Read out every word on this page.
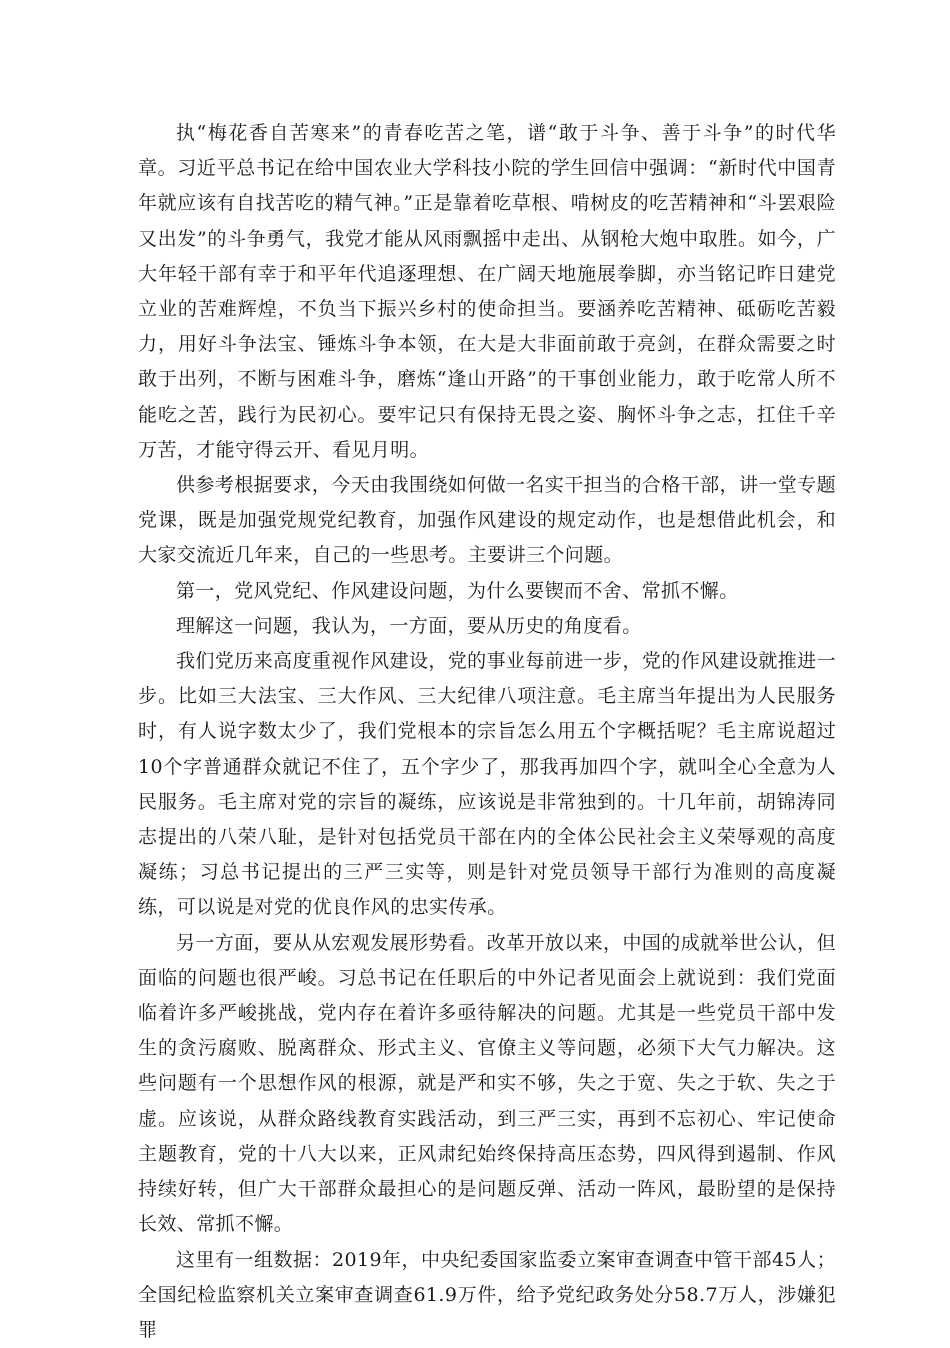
执“梅花香自苦寒来”的青春吃苦之笔，谱“敢于斗争、善于斗争”的时代华章。习近平总书记在给中国农业大学科技小院的学生回信中强调：“新时代中国青年就应该有自找苦吃的精气神。”正是靠着吃草根、啃树皮的吃苦精神和“斗罢艰险又出发”的斗争勇气，我党才能从风雨飘摇中走出、从钢枪大炮中取胜。如今，广大年轻干部有幸于和平年代追逐理想、在广阔天地施展拳脚，亦当铭记昨日建党立业的苦难辉煌，不负当下振兴乡村的使命担当。要涵养吃苦精神、砥砺吃苦毅力，用好斗争法宝、锤炼斗争本领，在大是大非面前敢于亮剑，在群众需要之时敢于出列，不断与困难斗争，磨炼“逢山开路”的干事创业能力，敢于吃常人所不能吃之苦，践行为民初心。要牢记只有保持无畏之姿、胸怀斗争之志，扛住千辛万苦，才能守得云开、看见月明。

供参考根据要求，今天由我围绕如何做一名实干担当的合格干部，讲一堂专题党课，既是加强党规党纪教育，加强作风建设的规定动作，也是想借此机会，和大家交流近几年来，自己的一些思考。主要讲三个问题。

第一，党风党纪、作风建设问题，为什么要锲而不舍、常抓不懈。

理解这一问题，我认为，一方面，要从历史的角度看。

我们党历来高度重视作风建设，党的事业每前进一步，党的作风建设就推进一步。比如三大法宝、三大作风、三大纪律八项注意。毛主席当年提出为人民服务时，有人说字数太少了，我们党根本的宗旨怎么用五个字概括呢？毛主席说超过10个字普通群众就记不住了，五个字少了，那我再加四个字，就叫全心全意为人民服务。毛主席对党的宗旨的凝练，应该说是非常独到的。十几年前，胡锦涛同志提出的八荣八耻，是针对包括党员干部在内的全体公民社会主义荣辱观的高度凝练；习总书记提出的三严三实等，则是针对党员领导干部行为准则的高度凝练，可以说是对党的优良作风的忠实传承。

另一方面，要从从宏观发展形势看。改革开放以来，中国的成就举世公认，但面临的问题也很严峻。习总书记在任职后的中外记者见面会上就说到：我们党面临着许多严峻挑战，党内存在着许多亟待解决的问题。尤其是一些党员干部中发生的贪污腐败、脱离群众、形式主义、官僚主义等问题，必须下大气力解决。这些问题有一个思想作风的根源，就是严和实不够，失之于宽、失之于软、失之于虚。应该说，从群众路线教育实践活动，到三严三实，再到不忘初心、牢记使命主题教育，党的十八大以来，正风肃纪始终保持高压态势，四风得到遏制、作风持续好转，但广大干部群众最担心的是问题反弹、活动一阵风，最盼望的是保持长效、常抓不懈。

这里有一组数据：2019年，中央纪委国家监委立案审查调查中管干部45人；全国纪检监察机关立案审查调查61.9万件，给予党纪政务处分58.7万人，涉嫌犯罪
